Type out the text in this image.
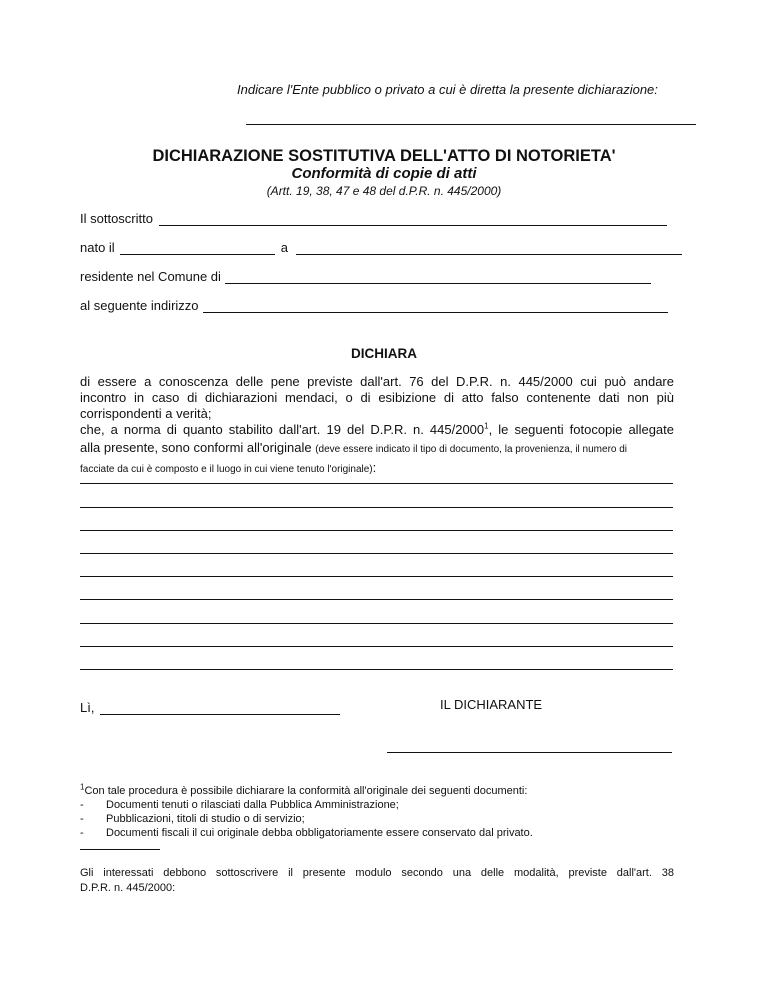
Indicare l'Ente pubblico o privato a cui è diretta la presente dichiarazione:
DICHIARAZIONE SOSTITUTIVA DELL'ATTO DI NOTORIETA'
Conformità di copie di atti
(Artt. 19, 38, 47 e 48 del d.P.R. n. 445/2000)
Il sottoscritto
nato il	a
residente nel Comune di
al seguente indirizzo
DICHIARA
di essere a conoscenza delle pene previste dall'art. 76 del D.P.R. n. 445/2000 cui può andare
incontro in caso di dichiarazioni mendaci, o di esibizione di atto falso contenente dati non più
corrispondenti a verità;
che, a norma di quanto stabilito dall'art. 19 del D.P.R. n. 445/2000$^1$, le seguenti fotocopie allegate
alla presente, sono conformi all'originale (deve essere indicato il tipo di documento, la provenienza, il numero di
facciate da cui è composto e il luogo in cui viene tenuto l'originale):
Lì,	IL DICHIARANTE
$^1$Con tale procedura è possibile dichiarare la conformità all'originale dei seguenti documenti:
-	Documenti tenuti o rilasciati dalla Pubblica Amministrazione;
-	Pubblicazioni, titoli di studio o di servizio;
-	Documenti fiscali il cui originale debba obbligatoriamente essere conservato dal privato.
Gli interessati debbono sottoscrivere il presente modulo secondo una delle modalità, previste dall'art. 38
D.P.R. n. 445/2000:
